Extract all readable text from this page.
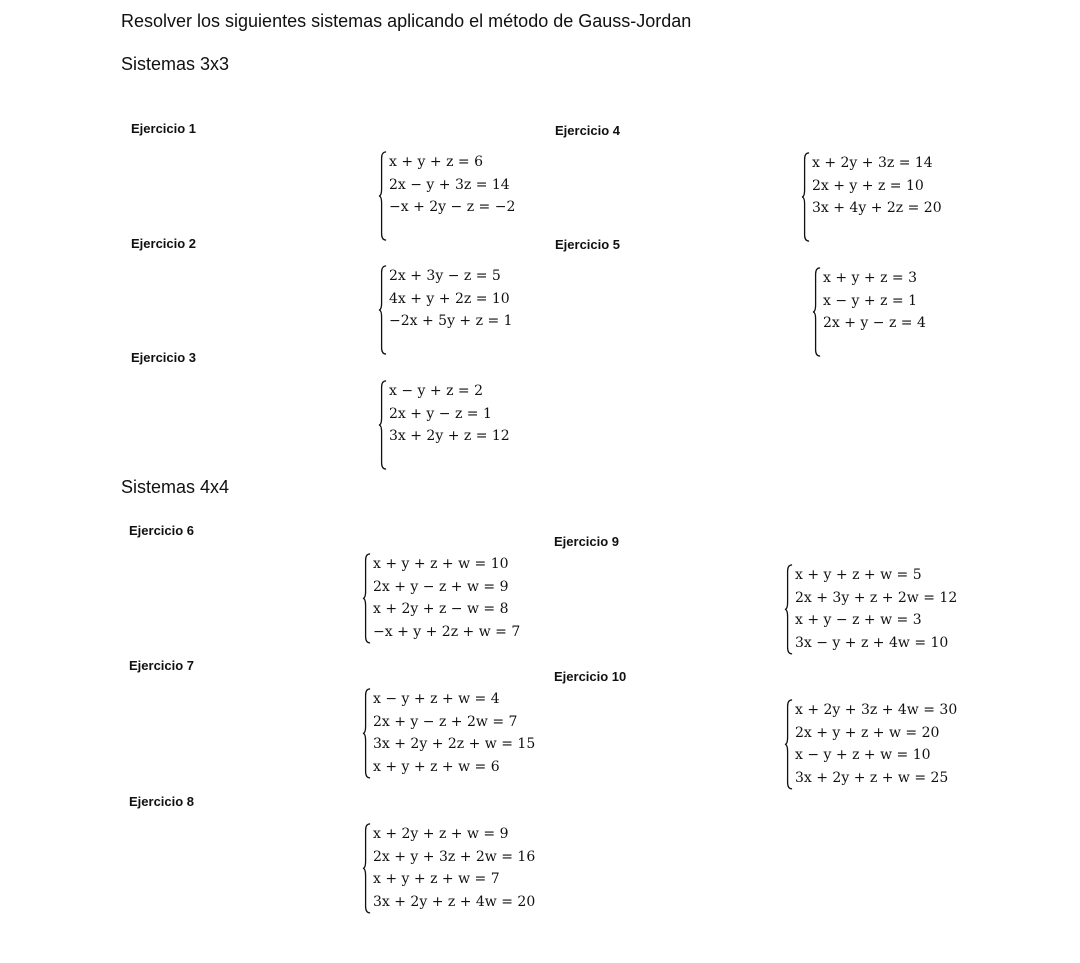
Resolver los siguientes sistemas aplicando el método de Gauss-Jordan
Sistemas 3x3
Ejercicio 1
x + y + z = 6
2x − y + 3z = 14
−x + 2y − z = −2
Ejercicio 2
2x + 3y − z = 5
4x + y + 2z = 10
−2x + 5y + z = 1
Ejercicio 3
x − y + z = 2
2x + y − z = 1
3x + 2y + z = 12
Ejercicio 4
x + 2y + 3z = 14
2x + y + z = 10
3x + 4y + 2z = 20
Ejercicio 5
x + y + z = 3
x − y + z = 1
2x + y − z = 4
Sistemas 4x4
Ejercicio 6
x + y + z + w = 10
2x + y − z + w = 9
x + 2y + z − w = 8
−x + y + 2z + w = 7
Ejercicio 7
x − y + z + w = 4
2x + y − z + 2w = 7
3x + 2y + 2z + w = 15
x + y + z + w = 6
Ejercicio 8
x + 2y + z + w = 9
2x + y + 3z + 2w = 16
x + y + z + w = 7
3x + 2y + z + 4w = 20
Ejercicio 9
x + y + z + w = 5
2x + 3y + z + 2w = 12
x + y − z + w = 3
3x − y + z + 4w = 10
Ejercicio 10
x + 2y + 3z + 4w = 30
2x + y + z + w = 20
x − y + z + w = 10
3x + 2y + z + w = 25
